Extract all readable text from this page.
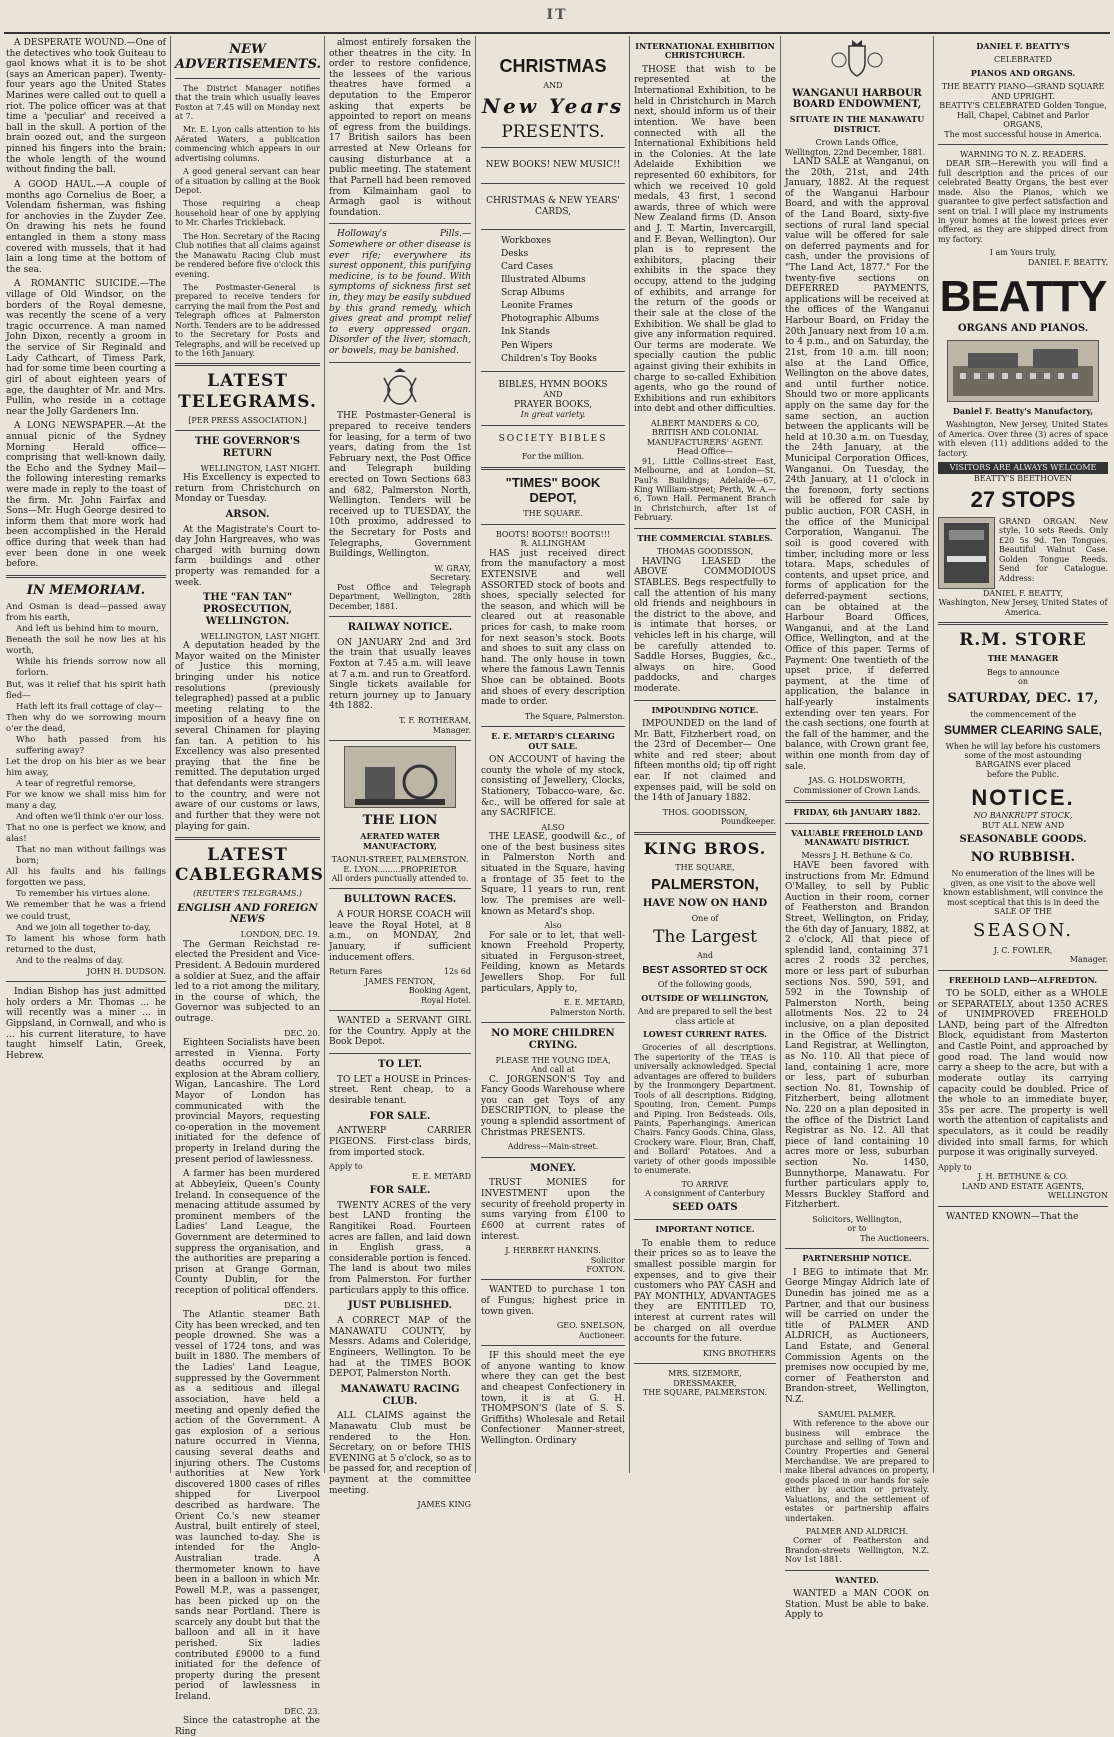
IT

A DESPERATE WOUND.—One of the detectives who took Guiteau to gaol knows what it is to be shot (says an American paper). Twenty-four years ago the United States Marines were called out to quell a riot. The police officer was at that time a 'peculiar' and received a ball in the skull. A portion of the brain oozed out, and the surgeon pinned his fingers into the brain; the whole length of the wound without finding the ball.

A GOOD HAUL.—A couple of months ago Cornelius de Boer, a Volendam fisherman, was fishing for anchovies in the Zuyder Zee. On drawing his nets he found entangled in them a stony mass covered with mussels, that it had lain a long time at the bottom of the sea.

A ROMANTIC SUICIDE.—The village of Old Windsor, on the borders of the Royal demesne, was recently the scene of a very tragic occurrence. A man named John Dixon, recently a groom in the service of Sir Reginald and Lady Cathcart, of Timess Park, had for some time been courting a girl of about eighteen years of age, the daughter of Mr. and Mrs. Pullin, who reside in a cottage near the Jolly Gardeners Inn.

A LONG NEWSPAPER.—At the annual picnic of the Sydney Morning Herald office—comprising that well-known daily, the Echo and the Sydney Mail—the following interesting remarks were made in reply to the toast of the firm. Mr. John Fairfax and Sons—Mr. Hugh George desired to inform them that more work had been accomplished in the Herald office during that week than had ever been done in one week before.

IN MEMORIAM.
And Osman is dead—passed away from his earth,
And left us behind him to mourn,
Beneath the soil he now lies at his worth,
While his friends sorrow now all forlorn.
But, was it relief that his spirit hath fled—
Hath left its frail cottage of clay—
Then why do we sorrowing mourn o'er the dead,
Who hath passed from his suffering away?
Let the drop on his bier as we bear him away,
A tear of regretful remorse,
For we know we shall miss him for many a day,
And often we'll think o'er our loss.
That no one is perfect we know, and alas!
That no man without failings was born;
All his faults and his failings forgotten we pass,
To remember his virtues alone.
We remember that he was a friend we could trust,
And we join all together to-day,
To lament his whose form hath returned to the dust,
And to the realms of day.
JOHN H. DUDSON.

Indian Bishop has just admitted holy orders a Mr. Thomas ... he will recently was a miner ... in Gippsland, in Cornwall, and who is ... his current literature, to have taught himself Latin, Greek, Hebrew.

NEW ADVERTISEMENTS.

The District Manager notifies that the train which usually leaves Foxton at 7.45 will on Monday next at 7.

Mr. E. Lyon calls attention to his Aërated Waters, a publication commencing which appears in our advertising columns.

A good general servant can hear of a situation by calling at the Book Depot.

Those requiring a cheap household hear of one by applying to Mr. Charles Trickleback.

The Hon. Secretary of the Racing Club notifies that all claims against the Manawatu Racing Club must be rendered before five o'clock this evening.

The Postmaster-General is prepared to receive tenders for carrying the mail from the Post and Telegraph offices at Palmerston North. Tenders are to be addressed to the Secretary for Posts and Telegraphs, and will be received up to the 16th January.

LATEST TELEGRAMS.
[PER PRESS ASSOCIATION.]
THE GOVERNOR'S RETURN
WELLINGTON, LAST NIGHT.

His Excellency is expected to return from Christchurch on Monday or Tuesday.

ARSON.

At the Magistrate's Court to-day John Hargreaves, who was charged with burning down farm buildings and other property was remanded for a week.

THE "FAN TAN" PROSECUTION, WELLINGTON.
WELLINGTON, LAST NIGHT.

A deputation headed by the Mayor waited on the Minister of Justice this morning, bringing under his notice resolutions (previously telegraphed) passed at a public meeting relating to the imposition of a heavy fine on several Chinamen for playing fan tan. A petition to his Excellency was also presented praying that the fine be remitted. The deputation urged that defendants were strangers to the country, and were not aware of our customs or laws, and further that they were not playing for gain.

LATEST CABLEGRAMS
(REUTER'S TELEGRAMS.)
ENGLISH AND FOREIGN NEWS
LONDON, DEC. 19.

The German Reichstad re-elected the President and Vice-President. A Bedouin murdered a soldier at Suez, and the affair led to a riot among the military, in the course of which, the Governor was subjected to an outrage.

DEC. 20.

Eighteen Socialists have been arrested in Vienna. Forty deaths occurred by an explosion at the Abram colliery, Wigan, Lancashire. The Lord Mayor of London has communicated with the provincial Mayors, requesting co-operation in the movement initiated for the defence of property in Ireland during the present period of lawlessness.

A farmer has been murdered at Abbeyleix, Queen's County Ireland. In consequence of the menacing attitude assumed by prominent members of the Ladies' Land League, the Government are determined to suppress the organisation, and the authorities are preparing a prison at Grange Gorman, County Dublin, for the reception of political offenders.

DEC. 21.

The Atlantic steamer Bath City has been wrecked, and ten people drowned. She was a vessel of 1724 tons, and was built in 1880. The members of the Ladies' Land League, suppressed by the Government as a seditious and illegal association, have held a meeting and openly defied the action of the Government. A gas explosion of a serious nature occurred in Vienna, causing several deaths and injuring others. The Customs authorities at New York discovered 1800 cases of rifles shipped for Liverpool described as hardware. The Orient Co.'s new steamer Austral, built entirely of steel, was launched to-day. She is intended for the Anglo-Australian trade. A thermometer known to have been in a balloon in which Mr. Powell M.P., was a passenger, has been picked up on the sands near Portland. There is scarcely any doubt but that the balloon and all in it have perished. Six ladies contributed £9000 to a fund initiated for the defence of property during the present period of lawlessness in Ireland.

DEC. 23.

Since the catastrophe at the Ring

almost entirely forsaken the other theatres in the city. In order to restore confidence, the lessees of the various theatres have formed a deputation to the Emperor asking that experts be appointed to report on means of egress from the buildings. 17 British sailors has been arrested at New Orleans for causing disturbance at a public meeting. The statement that Parnell had been removed from Kilmainham gaol to Armagh gaol is without foundation.

Holloway's Pills.—Somewhere or other disease is ever rife; everywhere its surest opponent, this purifying medicine, is to be found. With symptoms of sickness first set in, they may be easily subdued by this grand remedy, which gives great and prompt relief to every oppressed organ. Disorder of the liver, stomach, or bowels, may be banished.

THE Postmaster-General is prepared to receive tenders for leasing, for a term of two years, dating from the 1st February next, the Post Office and Telegraph building erected on Town Sections 683 and 682, Palmerston North, Wellington. Tenders will be received up to TUESDAY, the 10th proximo, addressed to the Secretary for Posts and Telegraphs, Government Buildings, Wellington.

W. GRAY,
Secretary.

Post Office and Telegraph Department, Wellington, 28th December, 1881.

RAILWAY NOTICE.

ON JANUARY 2nd and 3rd the train that usually leaves Foxton at 7.45 a.m. will leave at 7 a.m. and run to Greatford. Single tickets available for return journey up to January 4th 1882.

T. F. ROTHERAM,
Manager.
THE LION
AERATED WATER MANUFACTORY,
TAONUI-STREET, PALMERSTON.
E. LYON.........PROPRIETOR
All orders punctually attended to.
BULLTOWN RACES.

A FOUR HORSE COACH will leave the Royal Hotel, at 8 a.m., on MONDAY, 2nd January, if sufficient inducement offers.

Return Fares	12s 6d
JAMES FENTON,
Booking Agent,
Royal Hotel.

WANTED a SERVANT GIRL for the Country. Apply at the Book Depot.

TO LET.

TO LET a HOUSE in Princes-street. Rent cheap, to a desirable tenant.

FOR SALE.

ANTWERP CARRIER PIGEONS. First-class birds, from imported stock.

Apply to
E. E. METARD
FOR SALE.

TWENTY ACRES of the very best LAND fronting the Rangitikei Road. Fourteen acres are fallen, and laid down in English grass, a considerable portion is fenced. The land is about two miles from Palmerston. For further particulars apply to this office.

JUST PUBLISHED.

A CORRECT MAP of the MANAWATU COUNTY, by Messrs. Adams and Coleridge, Engineers, Wellington. To be had at the TIMES BOOK DEPOT, Palmerston North.

MANAWATU RACING CLUB.

ALL CLAIMS against the Manawatu Club must be rendered to the Hon. Secretary, on or before THIS EVENING at 5 o'clock, so as to be passed for, and reception of payment at the committee meeting.

JAMES KING
CHRISTMAS
AND
New Years
PRESENTS.
NEW BOOKS! NEW MUSIC!!
CHRISTMAS & NEW YEARS' CARDS,
Workboxes
Desks
Card Cases
Illustrated Albums
Scrap Albums
Leonite Frames
Photographic Albums
Ink Stands
Pen Wipers
Children's Toy Books
BIBLES, HYMN BOOKS
AND
PRAYER BOOKS,
In great variety.
SOCIETY BIBLES
For the million.
"TIMES" BOOK DEPOT,
THE SQUARE.
BOOTS! BOOTS!! BOOTS!!!
R. ALLINGHAM

HAS just received direct from the manufactory a most EXTENSIVE and well ASSORTED stock of boots and shoes, specially selected for the season, and which will be cleared out at reasonable prices for cash, to make room for next season's stock. Boots and shoes to suit any class on hand. The only house in town where the famous Lawn Tennis Shoe can be obtained. Boots and shoes of every description made to order.

The Square, Palmerston.
E. E. METARD'S CLEARING OUT SALE.

ON ACCOUNT of having the county the whole of my stock, consisting of Jewellery, Clocks, Stationery, Tobacco-ware, &c. &c., will be offered for sale at any SACRIFICE.

ALSO

THE LEASE, goodwill &c., of one of the best business sites in Palmerston North and situated in the Square, having a frontage of 35 feet to the Square, 11 years to run, rent low. The premises are well-known as Metard's shop.

Also

For sale or to let, that well-known Freehold Property, situated in Ferguson-street, Feilding, known as Metards Jewellers Shop. For full particulars, Apply to,

E. E. METARD,
Palmerston North.
NO MORE CHILDREN CRYING.
PLEASE THE YOUNG IDEA,
And call at

C. JORGENSON'S Toy and Fancy Goods Warehouse where you can get Toys of any DESCRIPTION, to please the young a splendid assortment of Christmas PRESENTS.

Address—Main-street.
MONEY.

TRUST MONIES for INVESTMENT upon the security of freehold property in sums varying from £100 to £600 at current rates of interest.

J. HERBERT HANKINS.
Solicitor
FOXTON.

WANTED to purchase 1 ton of Fungus; highest price in town given.

GEO. SNELSON,
Auctioneer.

IF this should meet the eye of anyone wanting to know where they can get the best and cheapest Confectionery in town, it is at G. H. THOMPSON'S (late of S. S. Griffiths) Wholesale and Retail Confectioner Manner-street, Wellington. Ordinary

INTERNATIONAL EXHIBITION CHRISTCHURCH.

THOSE that wish to be represented at the International Exhibition, to be held in Christchurch in March next, should inform us of their intention. We have been connected with all the International Exhibitions held in the Colonies. At the late Adelaide Exhibition we represented 60 exhibitors, for which we received 10 gold medals, 43 first, 1 second awards, three of which were New Zealand firms (D. Anson and J. T. Martin, Invercargill, and F. Bevan, Wellington). Our plan is to represent the exhibitors, placing their exhibits in the space they occupy, attend to the judging of exhibits, and arrange for the return of the goods or their sale at the close of the Exhibition. We shall be glad to give any information required. Our terms are moderate. We specially caution the public against giving their exhibits in charge to so-called Exhibition agents, who go the round of Exhibitions and run exhibitors into debt and other difficulties.

ALBERT MANDERS & CO,
BRITISH AND COLONIAL MANUFACTURERS' AGENT.
Head Office—

91, Little Collins-street East, Melbourne, and at London—St. Paul's Buildings; Adelaide—67, King William-street; Perth, W. A.—6, Town Hall. Permanent Branch in Christchurch, after 1st of February.

THE COMMERCIAL STABLES.
THOMAS GOODISSON,

HAVING LEASED the ABOVE COMMODIOUS STABLES. Begs respectfully to call the attention of his many old friends and neighbours in the district to the above, and is intimate that horses, or vehicles left in his charge, will be carefully attended to. Saddle Horses, Buggies, &c., always on hire. Good paddocks, and charges moderate.

IMPOUNDING NOTICE.

IMPOUNDED on the land of Mr. Batt, Fitzherbert road, on the 23rd of December— One white and red steer; about fifteen months old; tip off right ear. If not claimed and expenses paid, will be sold on the 14th of January 1882.

THOS. GOODISSON,
Poundkeeper.
KING BROS.
THE SQUARE,
PALMERSTON,
HAVE NOW ON HAND
One of
The Largest
And
BEST ASSORTED ST OCK
Of the following goods,
OUTSIDE OF WELLINGTON,
And are prepared to sell the best class article at
LOWEST CURRENT RATES.

Groceries of all descriptions. The superiority of the TEAS is universally acknowledged. Special advantages are offered to builders by the Ironmongery Department. Tools of all descriptions. Ridging, Spouting, Iron, Cement. Pumps and Piping. Iron Bedsteads. Oils, Paints, Paperhangings. American Chairs. Fancy Goods. China, Glass, Crockery ware. Flour, Bran, Chaff, and Bollard' Potatoes. And a variety of other goods impossible to enumerate.

TO ARRIVE
A consignment of Canterbury
SEED OATS
IMPORTANT NOTICE.

To enable them to reduce their prices so as to leave the smallest possible margin for expenses, and to give their customers who PAY CASH and PAY MONTHLY, ADVANTAGES they are ENTITLED TO, interest at current rates will be charged on all overdue accounts for the future.

KING BROTHERS
MRS. SIZEMORE,
DRESSMAKER,
THE SQUARE, PALMERSTON.
WANGANUI HARBOUR BOARD ENDOWMENT,
SITUATE IN THE MANAWATU DISTRICT.
Crown Lands Office,
Wellington, 22nd December, 1881.

LAND SALE at Wanganui, on the 20th, 21st, and 24th January, 1882. At the request of the Wanganui Harbour Board, and with the approval of the Land Board, sixty-five sections of rural land special value will be offered for sale on deferred payments and for cash, under the provisions of "The Land Act, 1877." For the twenty-five sections on DEFERRED PAYMENTS, applications will be received at the offices of the Wanganui Harbour Board, on Friday the 20th January next from 10 a.m. to 4 p.m., and on Saturday, the 21st, from 10 a.m. till noon; also at the Land Office, Wellington on the above dates, and until further notice. Should two or more applicants apply on the same day for the same section, an auction between the applicants will be held at 10.30 a.m. on Tuesday, the 24th January, at the Municipal Corporation Offices, Wanganui. On Tuesday, the 24th January, at 11 o'clock in the forenoon, forty sections will be offered for sale by public auction, FOR CASH, in the office of the Municipal Corporation, Wanganui. The soil is good covered with timber, including more or less totara. Maps, schedules of contents, and upset price, and forms of application for the deferred-payment sections, can be obtained at the Harbour Board Offices, Wanganui, and at the Land Office, Wellington, and at the Office of this paper. Terms of Payment: One twentieth of the upset price, if deferred payment, at the time of application, the balance in half-yearly instalments extending over ten years. For the cash sections, one fourth at the fall of the hammer, and the balance, with Crown grant fee, within one month from day of sale.

JAS. G. HOLDSWORTH,
Commissioner of Crown Lands.
FRIDAY, 6th JANUARY 1882.
VALUABLE FREEHOLD LAND MANAWATU DISTRICT.
Messrs J. H. Bethune & Co.

HAVE been favored with instructions from Mr. Edmund O'Malley, to sell by Public Auction in their room, corner of Featherston and Brandon Street, Wellington, on Friday, the 6th day of January, 1882, at 2 o'clock, All that piece of splendid land, containing 371 acres 2 roods 32 perches, more or less part of suburban sections Nos. 590, 591, and 592 in the Township of Palmerston North, being allotments Nos. 22 to 24 inclusive, on a plan deposited in the Office of the District Land Registrar, at Wellington, as No. 110. All that piece of land, containing 1 acre, more or less, part of suburban section No. 81, Township of Fitzherbert, being allotment No. 220 on a plan deposited in the office of the District Land Registrar as No. 12. All that piece of land containing 10 acres more or less, suburban section No. 1450, Bunnythorpe, Manawatu. For further particulars apply to, Messrs Buckley Stafford and Fitzherbert.

Solicitors, Wellington,
or to
The Auctioneers.
PARTNERSHIP NOTICE.

I BEG to intimate that Mr. George Mingay Aldrich late of Dunedin has joined me as a Partner, and that our business will be carried on under the title of PALMER AND ALDRICH, as Auctioneers, Land Estate, and General Commission Agents on the premises now occupied by me, corner of Featherston and Brandon-street, Wellington, N.Z.

SAMUEL PALMER.

With reference to the above our business will embrace the purchase and selling of Town and Country Properties and General Merchandise. We are prepared to make liberal advances on property, goods placed in our hands for sale either by auction or privately. Valuations, and the settlement of estates or partnership affairs undertaken.

PALMER AND ALDRICH.

Corner of Featherston and Brandon-streets Wellington, N.Z. Nov 1st 1881.

WANTED.

WANTED a MAN COOK on Station. Must be able to bake. Apply to

DANIEL F. BEATTY'S
CELEBRATED
PIANOS AND ORGANS.
THE BEATTY PIANO—GRAND SQUARE AND UPRIGHT.
BEATTY'S CELEBRATED Golden Tongue, Hall, Chapel, Cabinet and Parlor ORGANS,
The most successful house in America.
WARNING TO N. Z. READERS.

DEAR SIR—Herewith you will find a full description and the prices of our celebrated Beatty Organs, the best ever made. Also the Pianos, which we guarantee to give perfect satisfaction and sent on trial. I will place my instruments in your homes at the lowest prices ever offered, as they are shipped direct from my factory.

I am Yours truly,
DANIEL F. BEATTY.
BEATTY
ORGANS AND PIANOS.
Daniel F. Beatty's Manufactory,

Washington, New Jersey, United States of America. Over three (3) acres of space with eleven (11) additions added to the factory.

VISITORS ARE ALWAYS WELCOME
BEATTY'S BEETHOVEN
27 STOPS

GRAND ORGAN. New style, 10 sets Reeds. Only £20 5s 9d. Ten Tongues. Beautiful Walnut Case. Golden Tongue Reeds. Send for Catalogue. Address:

DANIEL F. BEATTY,
Washington, New Jersey, United States of America.
R.M. STORE
THE MANAGER
Begs to announce
on
SATURDAY, DEC. 17,
the commencement of the
SUMMER CLEARING SALE,
When he will lay before his customers some of the most astounding
BARGAINS ever placed
before the Public.
NOTICE.
NO BANKRUPT STOCK,
BUT ALL NEW AND
SEASONABLE GOODS.
NO RUBBISH.
No enumeration of the lines will be given, as one visit to the above well known establishment, will convince the most sceptical that this is in deed the
SALE OF THE
SEASON.
J. C. FOWLER,
Manager.
FREEHOLD LAND—ALFREDTON.

TO be SOLD, either as a WHOLE or SEPARATELY, about 1350 ACRES of UNIMPROVED FREEHOLD LAND, being part of the Alfredton Block, equidistant from Masterton and Castle Point, and approached by good road. The land would now carry a sheep to the acre, but with a moderate outlay its carrying capacity could be doubled. Price of the whole to an immediate buyer, 35s per acre. The property is well worth the attention of capitalists and speculators, as it could be readily divided into small farms, for which purpose it was originally surveyed.

Apply to
J. H. BETHUNE & CO.
LAND AND ESTATE AGENTS,
WELLINGTON

WANTED KNOWN—That the
